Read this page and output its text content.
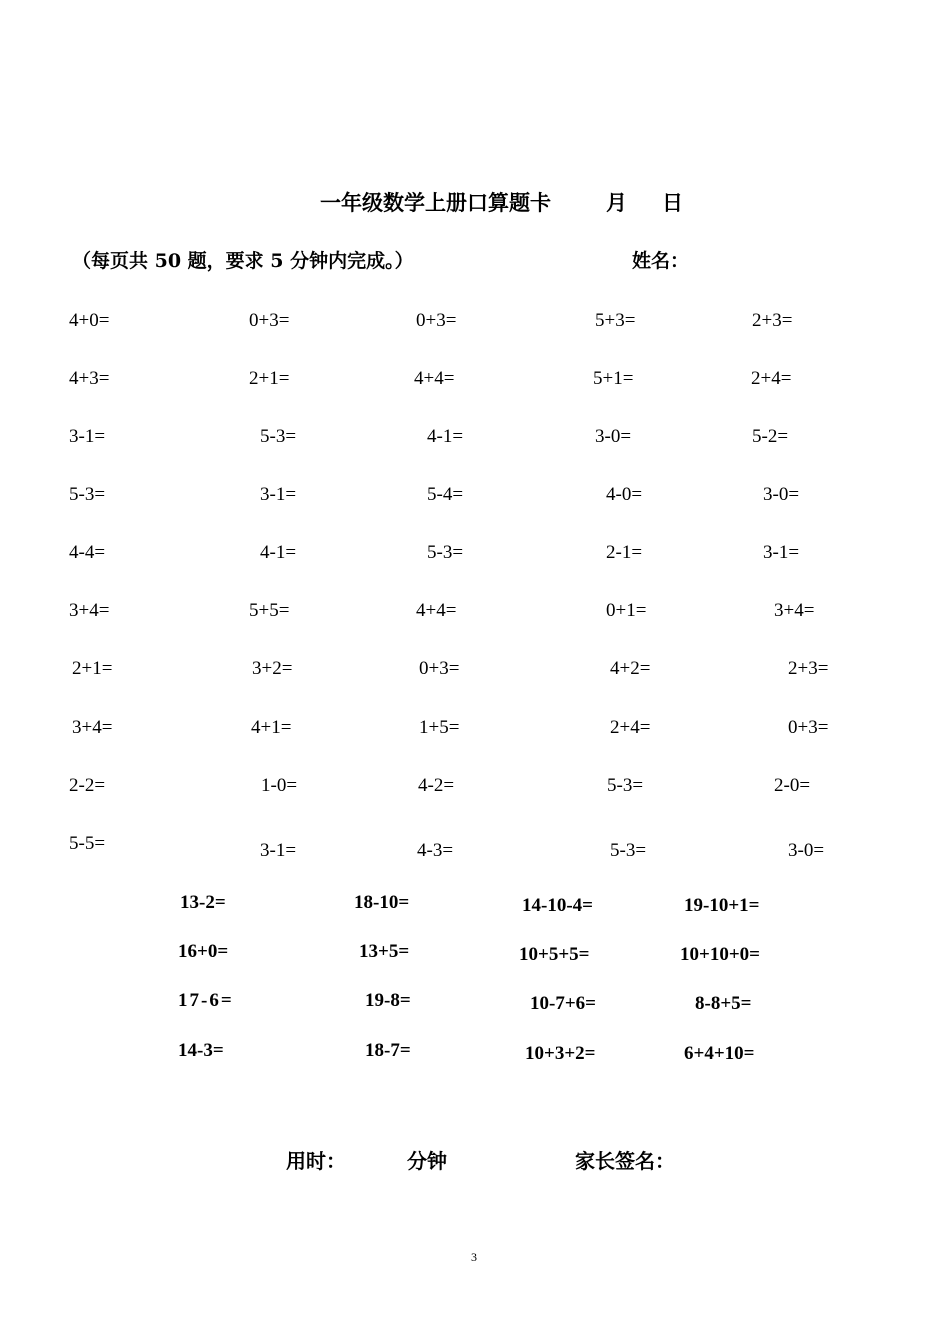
一年级数学上册口算题卡	月 日
（每页共 50 题，要求 5 分钟内完成。）	姓名：
4+0=	0+3=	0+3=	5+3=	2+3=
4+3=	2+1=	4+4=	5+1=	2+4=
3-1=	5-3=	4-1=	3-0=	5-2=
5-3=	3-1=	5-4=	4-0=	3-0=
4-4=	4-1=	5-3=	2-1=	3-1=
3+4=	5+5=	4+4=	0+1=	3+4=
2+1=	3+2=	0+3=	4+2=	2+3=
3+4=	4+1=	1+5=	2+4=	0+3=
2-2=	1-0=	4-2=	5-3=	2-0=
5-5=	3-1=	4-3=	5-3=	3-0=
13-2=	18-10=	14-10-4=	19-10+1=
16+0=	13+5=	10+5+5=	10+10+0=
17-6=	19-8=	10-7+6=	8-8+5=
14-3=	18-7=	10+3+2=	6+4+10=
用时：	分钟	家长签名：
3
